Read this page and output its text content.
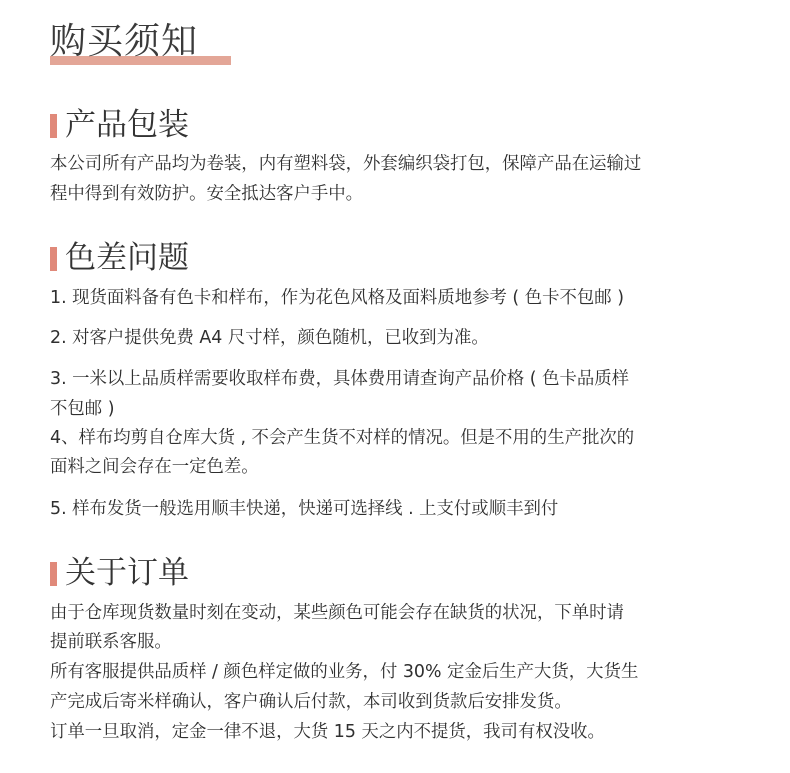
购买须知
产品包装
本公司所有产品均为卷装，内有塑料袋，外套编织袋打包，保障产品在运输过
程中得到有效防护。安全抵达客户手中。
色差问题
1. 现货面料备有色卡和样布，作为花色风格及面料质地参考 ( 色卡不包邮 )
2. 对客户提供免费 A4 尺寸样，颜色随机，已收到为准。
3. 一米以上品质样需要收取样布费，具体费用请查询产品价格 ( 色卡品质样
不包邮 )
4、样布均剪自仓库大货 , 不会产生货不对样的情况。但是不用的生产批次的
面料之间会存在一定色差。
5. 样布发货一般选用顺丰快递，快递可选择线 . 上支付或顺丰到付
关于订单
由于仓库现货数量时刻在变动，某些颜色可能会存在缺货的状况，下单时请
提前联系客服。
所有客服提供品质样 / 颜色样定做的业务，付 30% 定金后生产大货，大货生
产完成后寄米样确认，客户确认后付款，本司收到货款后安排发货。
订单一旦取消，定金一律不退，大货 15 天之内不提货，我司有权没收。
